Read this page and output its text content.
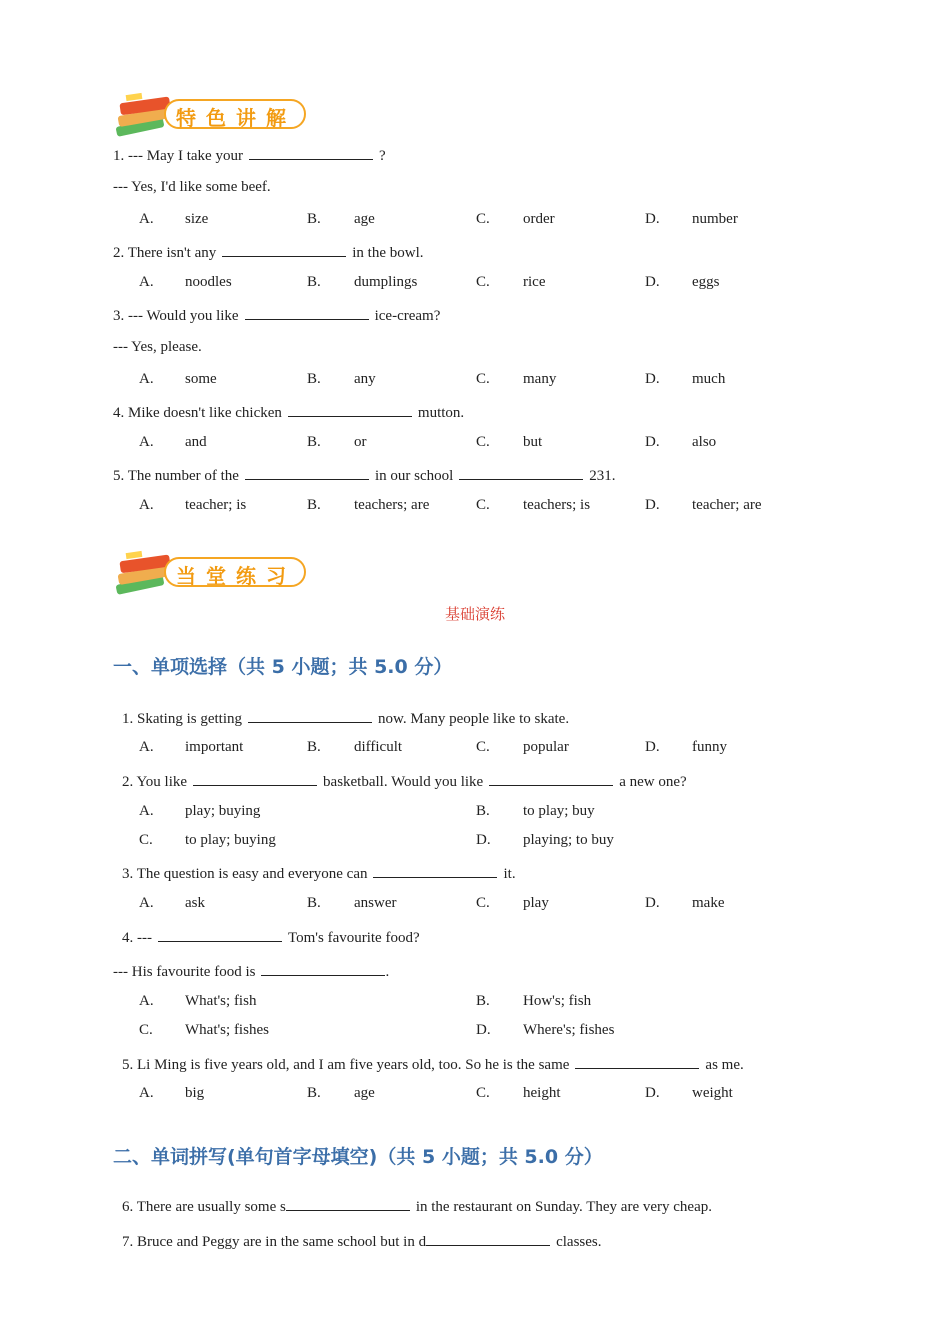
特色讲解
1. --- May I take your	?
--- Yes, I'd like some beef.
A. size	B. age	C. order	D. number
2. There isn't any	in the bowl.
A. noodles	B. dumplings	C. rice	D. eggs
3. --- Would you like	ice-cream?
--- Yes, please.
A. some	B. any	C. many	D. much
4. Mike doesn't like chicken	mutton.
A. and	B. or	C. but	D. also
5. The number of the	in our school	231.
A. teacher; is	B. teachers; are	C. teachers; is	D. teacher; are
当堂练习
基础演练
一、单项选择（共 5 小题；共 5.0 分）
1. Skating is getting	now. Many people like to skate.
A. important	B. difficult	C. popular	D. funny
2. You like	basketball. Would you like	a new one?
A. play; buying	B. to play; buy
C. to play; buying	D. playing; to buy
3. The question is easy and everyone can	it.
A. ask	B. answer	C. play	D. make
4. ---	Tom's favourite food?
--- His favourite food is	.
A. What's; fish	B. How's; fish
C. What's; fishes	D. Where's; fishes
5. Li Ming is five years old, and I am five years old, too. So he is the same	as me.
A. big	B. age	C. height	D. weight
二、单词拼写(单句首字母填空)（共 5 小题；共 5.0 分）
6. There are usually some s	in the restaurant on Sunday. They are very cheap.
7. Bruce and Peggy are in the same school but in d	classes.
